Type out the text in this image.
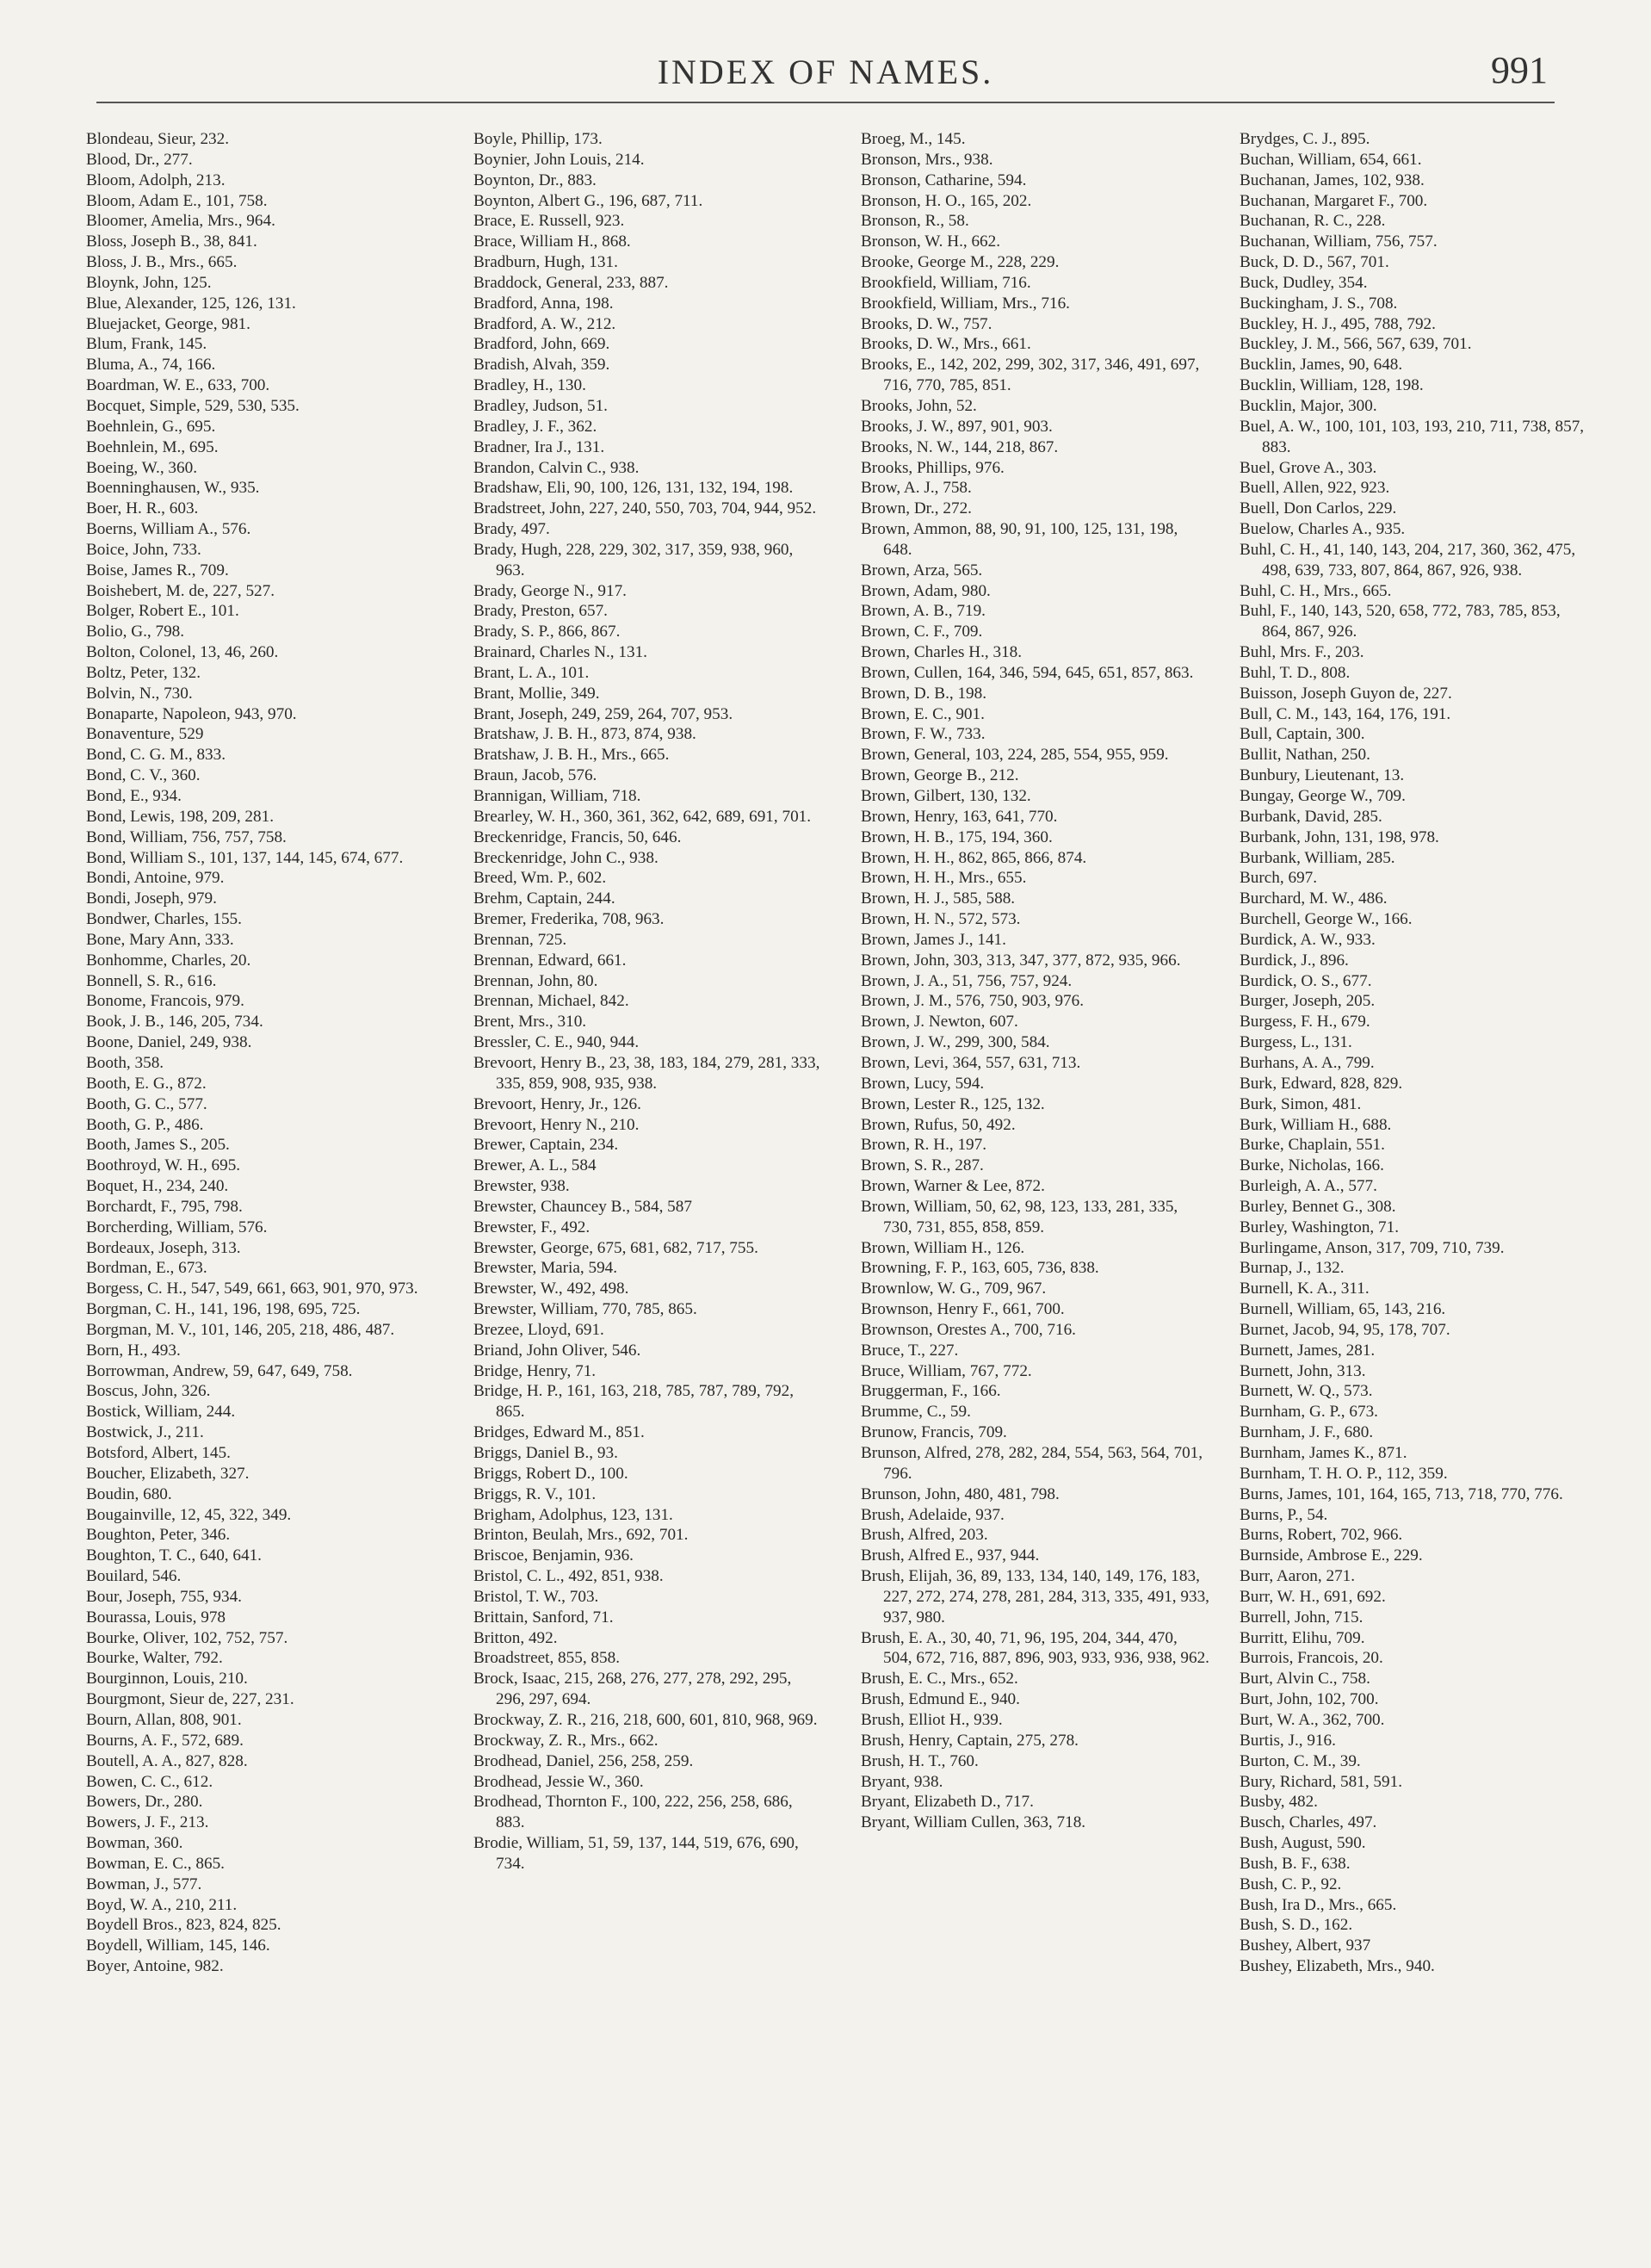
INDEX OF NAMES.	991
Blondeau, Sieur, 232.
Blood, Dr., 277.
Bloom, Adolph, 213.
Bloom, Adam E., 101, 758.
Bloomer, Amelia, Mrs., 964.
Bloss, Joseph B., 38, 841.
Bloss, J. B., Mrs., 665.
Bloynk, John, 125.
Blue, Alexander, 125, 126, 131.
Bluejacket, George, 981.
Blum, Frank, 145.
Bluma, A., 74, 166.
Boardman, W. E., 633, 700.
Bocquet, Simple, 529, 530, 535.
Boehnlein, G., 695.
Boehnlein, M., 695.
Boeing, W., 360.
Boenninghausen, W., 935.
Boer, H. R., 603.
Boerns, William A., 576.
Boice, John, 733.
Boise, James R., 709.
Boishebert, M. de, 227, 527.
Bolger, Robert E., 101.
Bolio, G., 798.
Bolton, Colonel, 13, 46, 260.
Boltz, Peter, 132.
Bolvin, N., 730.
Bonaparte, Napoleon, 943, 970.
Bonaventure, 529
Bond, C. G. M., 833.
Bond, C. V., 360.
Bond, E., 934.
Bond, Lewis, 198, 209, 281.
Bond, William, 756, 757, 758.
Bond, William S., 101, 137, 144, 145, 674, 677.
Bondi, Antoine, 979.
Bondi, Joseph, 979.
Bondwer, Charles, 155.
Bone, Mary Ann, 333.
Bonhomme, Charles, 20.
Bonnell, S. R., 616.
Bonome, Francois, 979.
Book, J. B., 146, 205, 734.
Boone, Daniel, 249, 938.
Booth, 358.
Booth, E. G., 872.
Booth, G. C., 577.
Booth, G. P., 486.
Booth, James S., 205.
Boothroyd, W. H., 695.
Boquet, H., 234, 240.
Borchardt, F., 795, 798.
Borcherding, William, 576.
Bordeaux, Joseph, 313.
Bordman, E., 673.
Borgess, C. H., 547, 549, 661, 663, 901, 970, 973.
Borgman, C. H., 141, 196, 198, 695, 725.
Borgman, M. V., 101, 146, 205, 218, 486, 487.
Born, H., 493.
Borrowman, Andrew, 59, 647, 649, 758.
Boscus, John, 326.
Bostick, William, 244.
Bostwick, J., 211.
Botsford, Albert, 145.
Boucher, Elizabeth, 327.
Boudin, 680.
Bougainville, 12, 45, 322, 349.
Boughton, Peter, 346.
Boughton, T. C., 640, 641.
Bouilard, 546.
Bour, Joseph, 755, 934.
Bourassa, Louis, 978
Bourke, Oliver, 102, 752, 757.
Bourke, Walter, 792.
Bourginnon, Louis, 210.
Bourgmont, Sieur de, 227, 231.
Bourn, Allan, 808, 901.
Bourns, A. F., 572, 689.
Boutell, A. A., 827, 828.
Bowen, C. C., 612.
Bowers, Dr., 280.
Bowers, J. F., 213.
Bowman, 360.
Bowman, E. C., 865.
Bowman, J., 577.
Boyd, W. A., 210, 211.
Boydell Bros., 823, 824, 825.
Boydell, William, 145, 146.
Boyer, Antoine, 982.
Boyle, Phillip, 173.
Boynier, John Louis, 214.
Boynton, Dr., 883.
Boynton, Albert G., 196, 687, 711.
Brace, E. Russell, 923.
Brace, William H., 868.
Bradburn, Hugh, 131.
Braddock, General, 233, 887.
Bradford, Anna, 198.
Bradford, A. W., 212.
Bradford, John, 669.
Bradish, Alvah, 359.
Bradley, H., 130.
Bradley, Judson, 51.
Bradley, J. F., 362.
Bradner, Ira J., 131.
Brandon, Calvin C., 938.
Bradshaw, Eli, 90, 100, 126, 131, 132, 194, 198.
Bradstreet, John, 227, 240, 550, 703, 704, 944, 952.
Brady, 497.
Brady, Hugh, 228, 229, 302, 317, 359, 938, 960, 963.
Brady, George N., 917.
Brady, Preston, 657.
Brady, S. P., 866, 867.
Brainard, Charles N., 131.
Brant, L. A., 101.
Brant, Mollie, 349.
Brant, Joseph, 249, 259, 264, 707, 953.
Bratshaw, J. B. H., 873, 874, 938.
Bratshaw, J. B. H., Mrs., 665.
Braun, Jacob, 576.
Brannigan, William, 718.
Brearley, W. H., 360, 361, 362, 642, 689, 691, 701.
Breckenridge, Francis, 50, 646.
Breckenridge, John C., 938.
Breed, Wm. P., 602.
Brehm, Captain, 244.
Bremer, Frederika, 708, 963.
Brennan, 725.
Brennan, Edward, 661.
Brennan, John, 80.
Brennan, Michael, 842.
Brent, Mrs., 310.
Bressler, C. E., 940, 944.
Brevoort, Henry B., 23, 38, 183, 184, 279, 281, 333, 335, 859, 908, 935, 938.
Brevoort, Henry, Jr., 126.
Brevoort, Henry N., 210.
Brewer, Captain, 234.
Brewer, A. L., 584
Brewster, 938.
Brewster, Chauncey B., 584, 587
Brewster, F., 492.
Brewster, George, 675, 681, 682, 717, 755.
Brewster, Maria, 594.
Brewster, W., 492, 498.
Brewster, William, 770, 785, 865.
Brezee, Lloyd, 691.
Briand, John Oliver, 546.
Bridge, Henry, 71.
Bridge, H. P., 161, 163, 218, 785, 787, 789, 792, 865.
Bridges, Edward M., 851.
Briggs, Daniel B., 93.
Briggs, Robert D., 100.
Briggs, R. V., 101.
Brigham, Adolphus, 123, 131.
Brinton, Beulah, Mrs., 692, 701.
Briscoe, Benjamin, 936.
Bristol, C. L., 492, 851, 938.
Bristol, T. W., 703.
Brittain, Sanford, 71.
Britton, 492.
Broadstreet, 855, 858.
Brock, Isaac, 215, 268, 276, 277, 278, 292, 295, 296, 297, 694.
Brockway, Z. R., 216, 218, 600, 601, 810, 968, 969.
Brockway, Z. R., Mrs., 662.
Brodhead, Daniel, 256, 258, 259.
Brodhead, Jessie W., 360.
Brodhead, Thornton F., 100, 222, 256, 258, 686, 883.
Brodie, William, 51, 59, 137, 144, 519, 676, 690, 734.
Broeg, M., 145.
Bronson, Mrs., 938.
Bronson, Catharine, 594.
Bronson, H. O., 165, 202.
Bronson, R., 58.
Bronson, W. H., 662.
Brooke, George M., 228, 229.
Brookfield, William, 716.
Brookfield, William, Mrs., 716.
Brooks, D. W., 757.
Brooks, D. W., Mrs., 661.
Brooks, E., 142, 202, 299, 302, 317, 346, 491, 697, 716, 770, 785, 851.
Brooks, John, 52.
Brooks, J. W., 897, 901, 903.
Brooks, N. W., 144, 218, 867.
Brooks, Phillips, 976.
Brow, A. J., 758.
Brown, Dr., 272.
Brown, Ammon, 88, 90, 91, 100, 125, 131, 198, 648.
Brown, Arza, 565.
Brown, Adam, 980.
Brown, A. B., 719.
Brown, C. F., 709.
Brown, Charles H., 318.
Brown, Cullen, 164, 346, 594, 645, 651, 857, 863.
Brown, D. B., 198.
Brown, E. C., 901.
Brown, F. W., 733.
Brown, General, 103, 224, 285, 554, 955, 959.
Brown, George B., 212.
Brown, Gilbert, 130, 132.
Brown, Henry, 163, 641, 770.
Brown, H. B., 175, 194, 360.
Brown, H. H., 862, 865, 866, 874.
Brown, H. H., Mrs., 655.
Brown, H. J., 585, 588.
Brown, H. N., 572, 573.
Brown, James J., 141.
Brown, John, 303, 313, 347, 377, 872, 935, 966.
Brown, J. A., 51, 756, 757, 924.
Brown, J. M., 576, 750, 903, 976.
Brown, J. Newton, 607.
Brown, J. W., 299, 300, 584.
Brown, Levi, 364, 557, 631, 713.
Brown, Lucy, 594.
Brown, Lester R., 125, 132.
Brown, Rufus, 50, 492.
Brown, R. H., 197.
Brown, S. R., 287.
Brown, Warner & Lee, 872.
Brown, William, 50, 62, 98, 123, 133, 281, 335, 730, 731, 855, 858, 859.
Brown, William H., 126.
Browning, F. P., 163, 605, 736, 838.
Brownlow, W. G., 709, 967.
Brownson, Henry F., 661, 700.
Brownson, Orestes A., 700, 716.
Bruce, T., 227.
Bruce, William, 767, 772.
Bruggerman, F., 166.
Brumme, C., 59.
Brunow, Francis, 709.
Brunson, Alfred, 278, 282, 284, 554, 563, 564, 701, 796.
Brunson, John, 480, 481, 798.
Brush, Adelaide, 937.
Brush, Alfred, 203.
Brush, Alfred E., 937, 944.
Brush, Elijah, 36, 89, 133, 134, 140, 149, 176, 183, 227, 272, 274, 278, 281, 284, 313, 335, 491, 933, 937, 980.
Brush, E. A., 30, 40, 71, 96, 195, 204, 344, 470, 504, 672, 716, 887, 896, 903, 933, 936, 938, 962.
Brush, E. C., Mrs., 652.
Brush, Edmund E., 940.
Brush, Elliot H., 939.
Brush, Henry, Captain, 275, 278.
Brush, H. T., 760.
Bryant, 938.
Bryant, Elizabeth D., 717.
Bryant, William Cullen, 363, 718.
Brydges, C. J., 895.
Buchan, William, 654, 661.
Buchanan, James, 102, 938.
Buchanan, Margaret F., 700.
Buchanan, R. C., 228.
Buchanan, William, 756, 757.
Buck, D. D., 567, 701.
Buck, Dudley, 354.
Buckingham, J. S., 708.
Buckley, H. J., 495, 788, 792.
Buckley, J. M., 566, 567, 639, 701.
Bucklin, James, 90, 648.
Bucklin, William, 128, 198.
Bucklin, Major, 300.
Buel, A. W., 100, 101, 103, 193, 210, 711, 738, 857, 883.
Buel, Grove A., 303.
Buell, Allen, 922, 923.
Buell, Don Carlos, 229.
Buelow, Charles A., 935.
Buhl, C. H., 41, 140, 143, 204, 217, 360, 362, 475, 498, 639, 733, 807, 864, 867, 926, 938.
Buhl, C. H., Mrs., 665.
Buhl, F., 140, 143, 520, 658, 772, 783, 785, 853, 864, 867, 926.
Buhl, Mrs. F., 203.
Buhl, T. D., 808.
Buisson, Joseph Guyon de, 227.
Bull, C. M., 143, 164, 176, 191.
Bull, Captain, 300.
Bullit, Nathan, 250.
Bunbury, Lieutenant, 13.
Bungay, George W., 709.
Burbank, David, 285.
Burbank, John, 131, 198, 978.
Burbank, William, 285.
Burch, 697.
Burchard, M. W., 486.
Burchell, George W., 166.
Burdick, A. W., 933.
Burdick, J., 896.
Burdick, O. S., 677.
Burger, Joseph, 205.
Burgess, F. H., 679.
Burgess, L., 131.
Burhans, A. A., 799.
Burk, Edward, 828, 829.
Burk, Simon, 481.
Burk, William H., 688.
Burke, Chaplain, 551.
Burke, Nicholas, 166.
Burleigh, A. A., 577.
Burley, Bennet G., 308.
Burley, Washington, 71.
Burlingame, Anson, 317, 709, 710, 739.
Burnap, J., 132.
Burnell, K. A., 311.
Burnell, William, 65, 143, 216.
Burnet, Jacob, 94, 95, 178, 707.
Burnett, James, 281.
Burnett, John, 313.
Burnett, W. Q., 573.
Burnham, G. P., 673.
Burnham, J. F., 680.
Burnham, James K., 871.
Burnham, T. H. O. P., 112, 359.
Burns, James, 101, 164, 165, 713, 718, 770, 776.
Burns, P., 54.
Burns, Robert, 702, 966.
Burnside, Ambrose E., 229.
Burr, Aaron, 271.
Burr, W. H., 691, 692.
Burrell, John, 715.
Burritt, Elihu, 709.
Burrois, Francois, 20.
Burt, Alvin C., 758.
Burt, John, 102, 700.
Burt, W. A., 362, 700.
Burtis, J., 916.
Burton, C. M., 39.
Bury, Richard, 581, 591.
Busby, 482.
Busch, Charles, 497.
Bush, August, 590.
Bush, B. F., 638.
Bush, C. P., 92.
Bush, Ira D., Mrs., 665.
Bush, S. D., 162.
Bushey, Albert, 937
Bushey, Elizabeth, Mrs., 940.
